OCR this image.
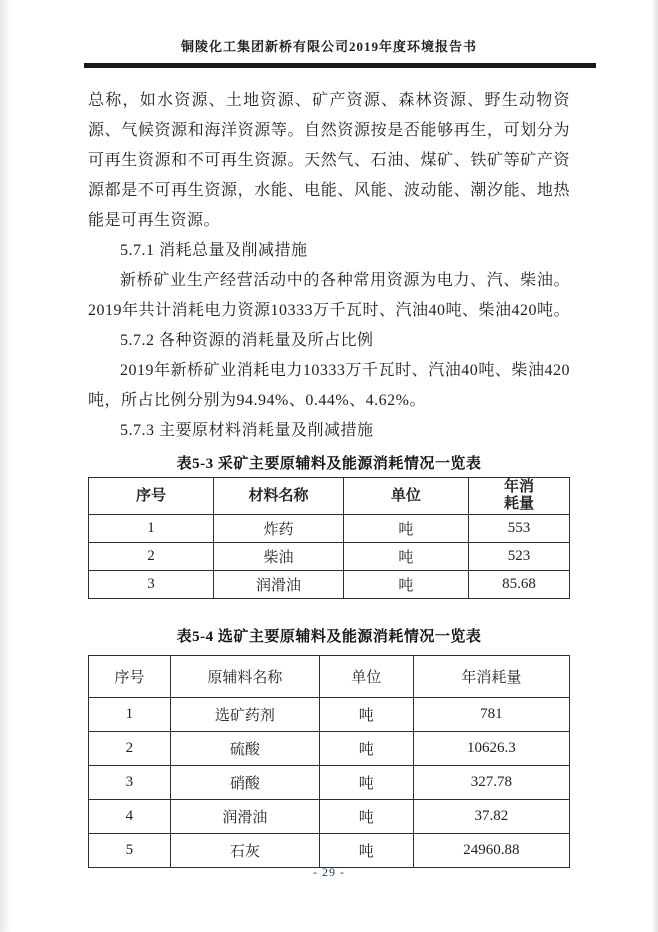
铜陵化工集团新桥有限公司2019年度环境报告书

总称，如水资源、土地资源、矿产资源、森林资源、野生动物资源、气候资源和海洋资源等。自然资源按是否能够再生，可划分为可再生资源和不可再生资源。天然气、石油、煤矿、铁矿等矿产资源都是不可再生资源，水能、电能、风能、波动能、潮汐能、地热能是可再生资源。

5.7.1 消耗总量及削减措施

新桥矿业生产经营活动中的各种常用资源为电力、汽、柴油。2019年共计消耗电力资源10333万千瓦时、汽油40吨、柴油420吨。

5.7.2 各种资源的消耗量及所占比例

2019年新桥矿业消耗电力10333万千瓦时、汽油40吨、柴油420吨，所占比例分别为94.94%、0.44%、4.62%。

5.7.3 主要原材料消耗量及削减措施

表5-3 采矿主要原辅料及能源消耗情况一览表
序号	材料名称	单位	年消耗量
1	炸药	吨	553
2	柴油	吨	523
3	润滑油	吨	85.68
表5-4 选矿主要原辅料及能源消耗情况一览表
序号	原辅料名称	单位	年消耗量
1	选矿药剂	吨	781
2	硫酸	吨	10626.3
3	硝酸	吨	327.78
4	润滑油	吨	37.82
5	石灰	吨	24960.88
- 29 -
